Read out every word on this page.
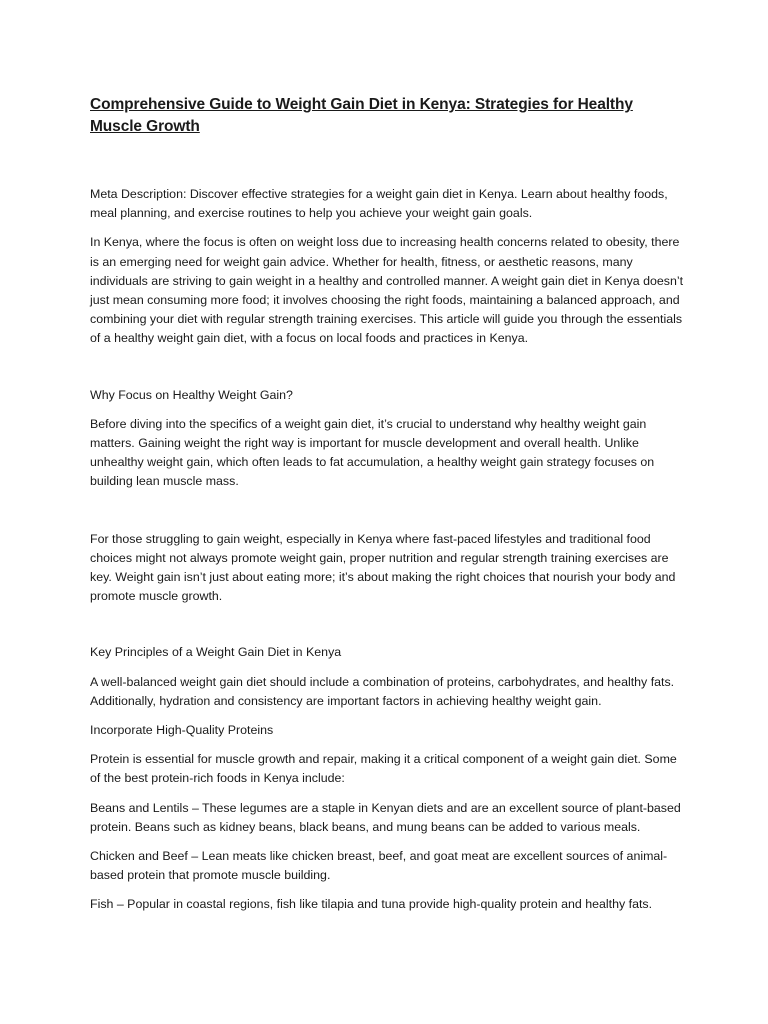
Comprehensive Guide to Weight Gain Diet in Kenya: Strategies for Healthy Muscle Growth

Meta Description: Discover effective strategies for a weight gain diet in Kenya. Learn about healthy foods, meal planning, and exercise routines to help you achieve your weight gain goals.

In Kenya, where the focus is often on weight loss due to increasing health concerns related to obesity, there is an emerging need for weight gain advice. Whether for health, fitness, or aesthetic reasons, many individuals are striving to gain weight in a healthy and controlled manner. A weight gain diet in Kenya doesn’t just mean consuming more food; it involves choosing the right foods, maintaining a balanced approach, and combining your diet with regular strength training exercises. This article will guide you through the essentials of a healthy weight gain diet, with a focus on local foods and practices in Kenya.

Why Focus on Healthy Weight Gain?

Before diving into the specifics of a weight gain diet, it’s crucial to understand why healthy weight gain matters. Gaining weight the right way is important for muscle development and overall health. Unlike unhealthy weight gain, which often leads to fat accumulation, a healthy weight gain strategy focuses on building lean muscle mass.

For those struggling to gain weight, especially in Kenya where fast-paced lifestyles and traditional food choices might not always promote weight gain, proper nutrition and regular strength training exercises are key. Weight gain isn’t just about eating more; it’s about making the right choices that nourish your body and promote muscle growth.

Key Principles of a Weight Gain Diet in Kenya

A well-balanced weight gain diet should include a combination of proteins, carbohydrates, and healthy fats. Additionally, hydration and consistency are important factors in achieving healthy weight gain.

Incorporate High-Quality Proteins

Protein is essential for muscle growth and repair, making it a critical component of a weight gain diet. Some of the best protein-rich foods in Kenya include:

Beans and Lentils – These legumes are a staple in Kenyan diets and are an excellent source of plant-based protein. Beans such as kidney beans, black beans, and mung beans can be added to various meals.

Chicken and Beef – Lean meats like chicken breast, beef, and goat meat are excellent sources of animal-based protein that promote muscle building.

Fish – Popular in coastal regions, fish like tilapia and tuna provide high-quality protein and healthy fats.
